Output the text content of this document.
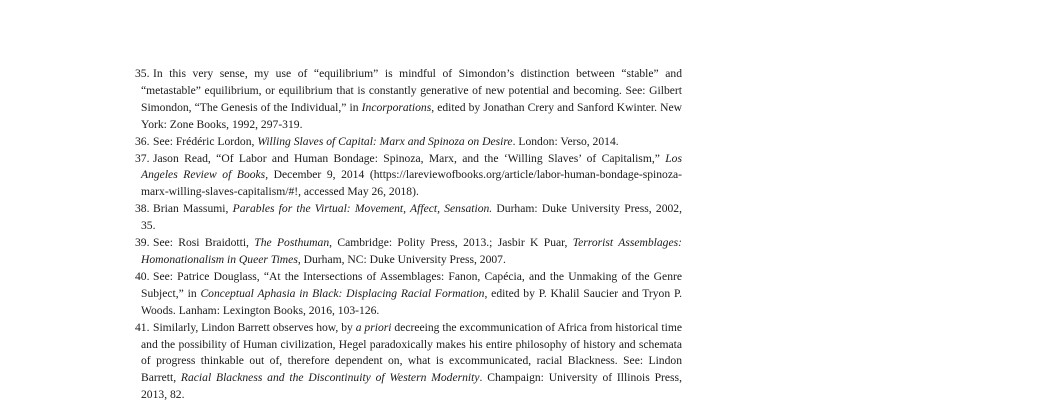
35. In this very sense, my use of “equilibrium” is mindful of Simondon’s distinction between “stable” and “metastable” equilibrium, or equilibrium that is constantly generative of new potential and becoming. See: Gilbert Simondon, “The Genesis of the Individual,” in Incorporations, edited by Jonathan Crery and Sanford Kwinter. New York: Zone Books, 1992, 297-319.

36. See: Frédéric Lordon, Willing Slaves of Capital: Marx and Spinoza on Desire. London: Verso, 2014.

37. Jason Read, “Of Labor and Human Bondage: Spinoza, Marx, and the ‘Willing Slaves’ of Capitalism,” Los Angeles Review of Books, December 9, 2014 (https://lareviewofbooks.org/article/labor-human-bondage-spinoza-marx-willing-slaves-capitalism/#!, accessed May 26, 2018).

38. Brian Massumi, Parables for the Virtual: Movement, Affect, Sensation. Durham: Duke University Press, 2002, 35.

39. See: Rosi Braidotti, The Posthuman, Cambridge: Polity Press, 2013.; Jasbir K Puar, Terrorist Assemblages: Homonationalism in Queer Times, Durham, NC: Duke University Press, 2007.

40. See: Patrice Douglass, “At the Intersections of Assemblages: Fanon, Capécia, and the Unmaking of the Genre Subject,” in Conceptual Aphasia in Black: Displacing Racial Formation, edited by P. Khalil Saucier and Tryon P. Woods. Lanham: Lexington Books, 2016, 103-126.

41. Similarly, Lindon Barrett observes how, by a priori decreeing the excommunication of Africa from historical time and the possibility of Human civilization, Hegel paradoxically makes his entire philosophy of history and schemata of progress thinkable out of, therefore dependent on, what is excommunicated, racial Blackness. See: Lindon Barrett, Racial Blackness and the Discontinuity of Western Modernity. Champaign: University of Illinois Press, 2013, 82.
